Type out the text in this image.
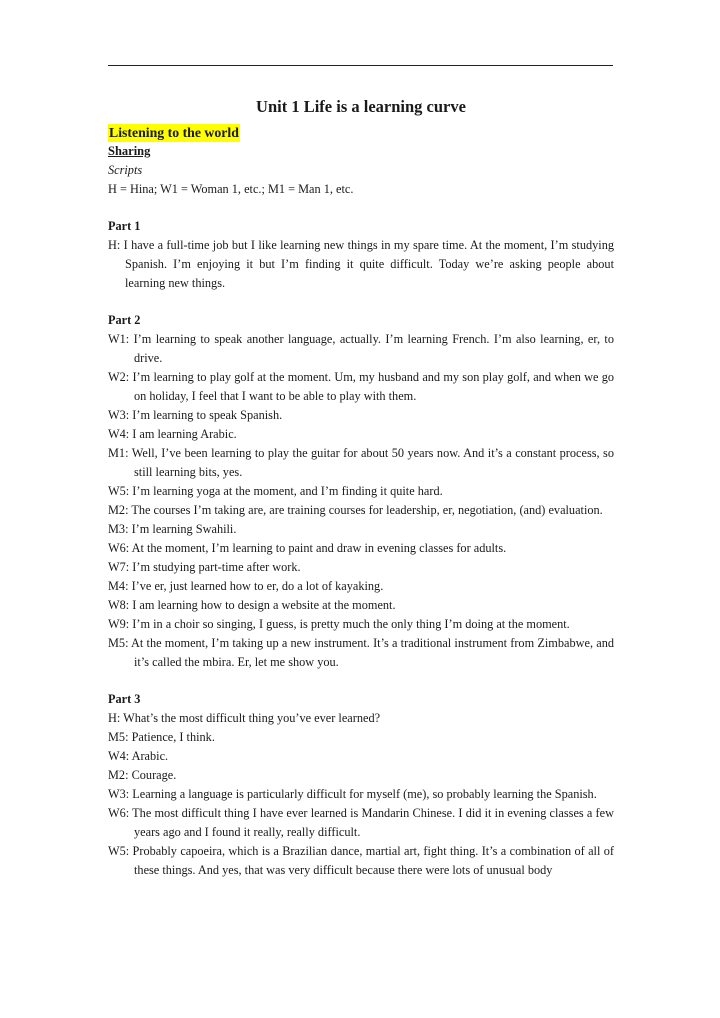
Unit 1 Life is a learning curve
Listening to the world
Sharing
Scripts
H = Hina; W1 = Woman 1, etc.; M1 = Man 1, etc.
Part 1
H: I have a full-time job but I like learning new things in my spare time. At the moment, I’m studying Spanish. I’m enjoying it but I’m finding it quite difficult. Today we’re asking people about learning new things.
Part 2
W1: I’m learning to speak another language, actually. I’m learning French. I’m also learning, er, to drive.
W2: I’m learning to play golf at the moment. Um, my husband and my son play golf, and when we go on holiday, I feel that I want to be able to play with them.
W3: I’m learning to speak Spanish.
W4: I am learning Arabic.
M1: Well, I’ve been learning to play the guitar for about 50 years now. And it’s a constant process, so still learning bits, yes.
W5: I’m learning yoga at the moment, and I’m finding it quite hard.
M2: The courses I’m taking are, are training courses for leadership, er, negotiation, (and) evaluation.
M3: I’m learning Swahili.
W6: At the moment, I’m learning to paint and draw in evening classes for adults.
W7: I’m studying part-time after work.
M4: I’ve er, just learned how to er, do a lot of kayaking.
W8: I am learning how to design a website at the moment.
W9: I’m in a choir so singing, I guess, is pretty much the only thing I’m doing at the moment.
M5: At the moment, I’m taking up a new instrument. It’s a traditional instrument from Zimbabwe, and it’s called the mbira. Er, let me show you.
Part 3
H: What’s the most difficult thing you’ve ever learned?
M5: Patience, I think.
W4: Arabic.
M2: Courage.
W3: Learning a language is particularly difficult for myself (me), so probably learning the Spanish.
W6: The most difficult thing I have ever learned is Mandarin Chinese. I did it in evening classes a few years ago and I found it really, really difficult.
W5: Probably capoeira, which is a Brazilian dance, martial art, fight thing. It’s a combination of all of these things. And yes, that was very difficult because there were lots of unusual body
